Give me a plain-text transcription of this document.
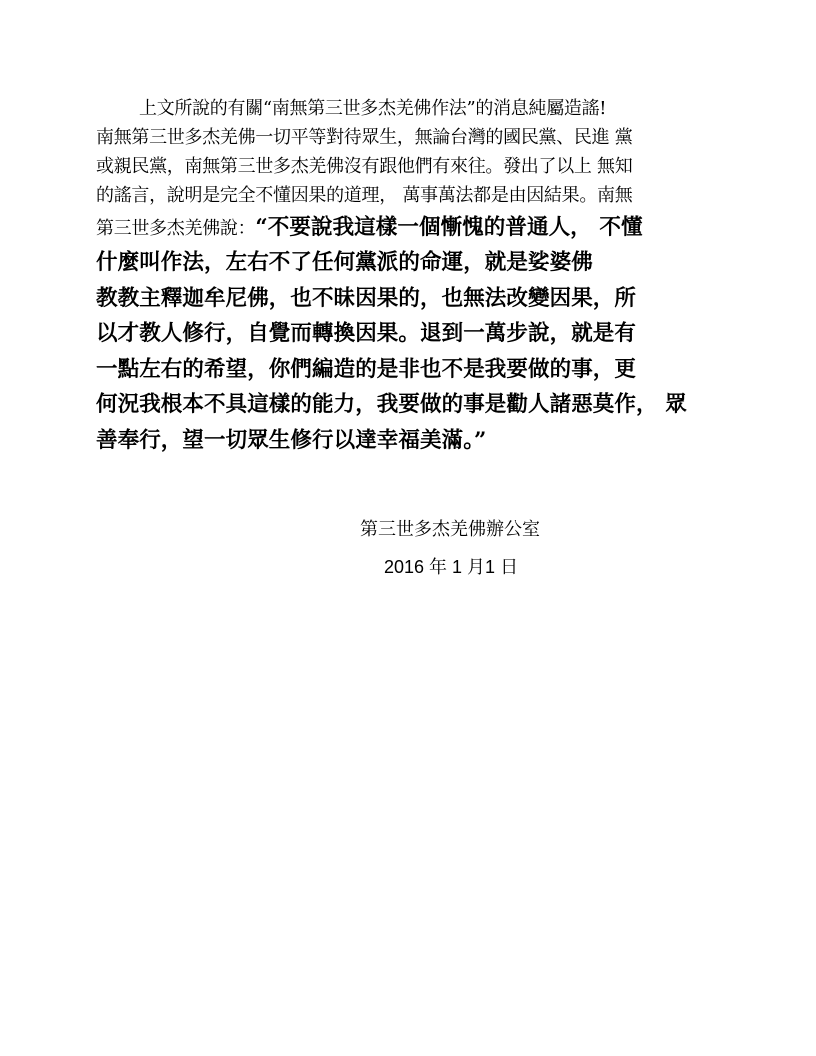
上文所說的有關“南無第三世多杰羌佛作法”的消息純屬造謠!
南無第三世多杰羌佛一切平等對待眾生，無論台灣的國民黨、民進 黨
或親民黨，南無第三世多杰羌佛沒有跟他們有來往。發出了以上 無知
的謠言，說明是完全不懂因果的道理， 萬事萬法都是由因結果。南無
第三世多杰羌佛說：“不要說我這樣一個慚愧的普通人， 不懂
什麼叫作法，左右不了任何黨派的命運，就是娑婆佛
教教主釋迦牟尼佛，也不昧因果的，也無法改變因果，所
以才教人修行，自覺而轉換因果。退到一萬步說，就是有
一點左右的希望，你們編造的是非也不是我要做的事，更
何況我根本不具這樣的能力，我要做的事是勸人諸惡莫作， 眾
善奉行，望一切眾生修行以達幸福美滿。”
第三世多杰羌佛辦公室
2016 年 1 月1 日
